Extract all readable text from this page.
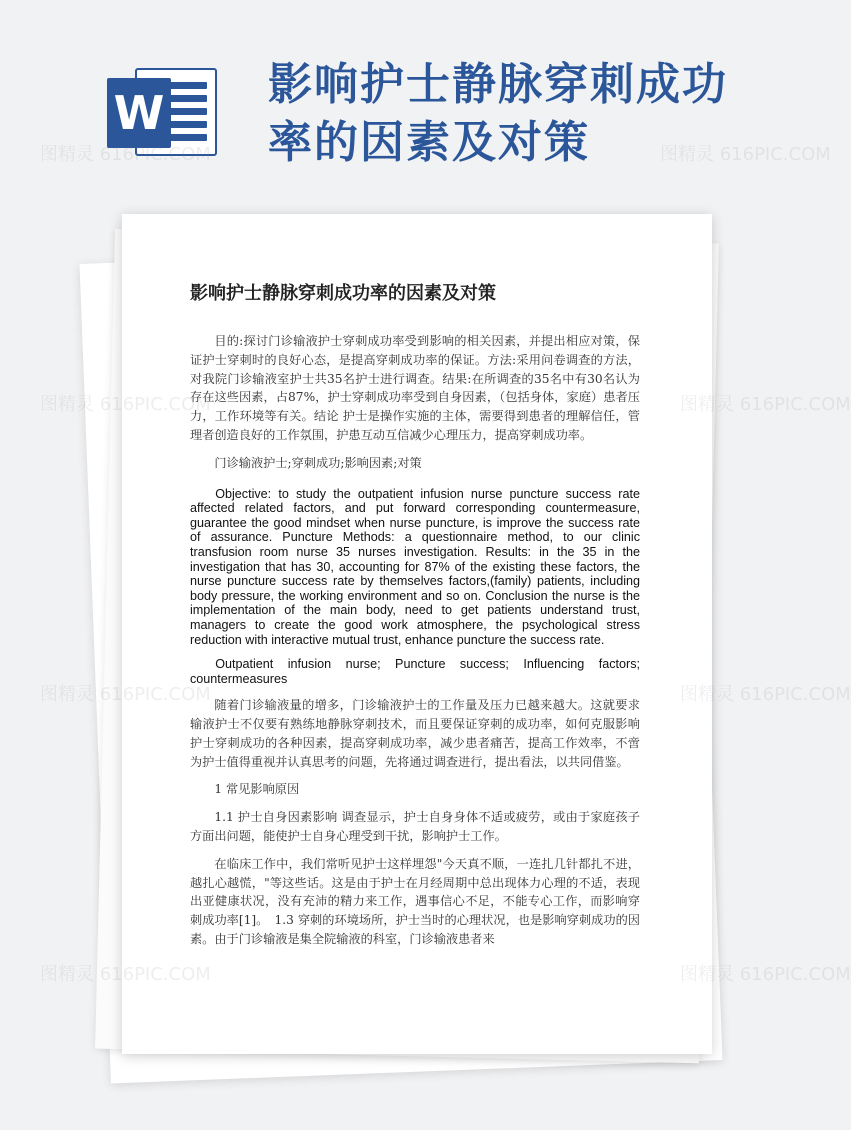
W
影响护士静脉穿刺成功率的因素及对策
影响护士静脉穿刺成功率的因素及对策

目的:探讨门诊输液护士穿刺成功率受到影响的相关因素，并提出相应对策，保证护士穿刺时的良好心态，是提高穿刺成功率的保证。方法:采用问卷调查的方法，对我院门诊输液室护士共35名护士进行调查。结果:在所调查的35名中有30名认为存在这些因素，占87%，护士穿刺成功率受到自身因素，（包括身体，家庭）患者压力，工作环境等有关。结论 护士是操作实施的主体，需要得到患者的理解信任，管理者创造良好的工作氛围，护患互动互信减少心理压力，提高穿刺成功率。

门诊输液护士;穿刺成功;影响因素;对策

Objective: to study the outpatient infusion nurse puncture success rate affected related factors, and put forward corresponding countermeasure, guarantee the good mindset when nurse puncture, is improve the success rate of assurance. Puncture Methods: a questionnaire method, to our clinic transfusion room nurse 35 nurses investigation. Results: in the 35 in the investigation that has 30, accounting for 87% of the existing these factors, the nurse puncture success rate by themselves factors,(family) patients, including body pressure, the working environment and so on. Conclusion the nurse is the implementation of the main body, need to get patients understand trust, managers to create the good work atmosphere, the psychological stress reduction with interactive mutual trust, enhance puncture the success rate.

Outpatient infusion nurse; Puncture success; Influencing factors; countermeasures

随着门诊输液量的增多，门诊输液护士的工作量及压力已越来越大。这就要求输液护士不仅要有熟练地静脉穿刺技术，而且要保证穿刺的成功率，如何克服影响护士穿刺成功的各种因素，提高穿刺成功率，减少患者痛苦，提高工作效率，不啻为护士值得重视并认真思考的问题，先将通过调查进行，提出看法，以共同借鉴。

1 常见影响原因

1.1 护士自身因素影响 调查显示，护士自身身体不适或疲劳，或由于家庭孩子方面出问题，能使护士自身心理受到干扰，影响护士工作。

在临床工作中，我们常听见护士这样埋怨"今天真不顺，一连扎几针都扎不进，越扎心越慌，"等这些话。这是由于护士在月经周期中总出现体力心理的不适，表现出亚健康状况，没有充沛的精力来工作，遇事信心不足，不能专心工作，而影响穿刺成功率[1]。　1.3 穿刺的环境场所，护士当时的心理状况，也是影响穿刺成功的因素。由于门诊输液是集全院输液的科室，门诊输液患者来

图精灵 616PIC.COM	图精灵 616PIC.COM
图精灵	图精灵 616PIC.COM
图精灵	图精灵 616PIC.COM
图精灵	图精灵 616PIC.COM
